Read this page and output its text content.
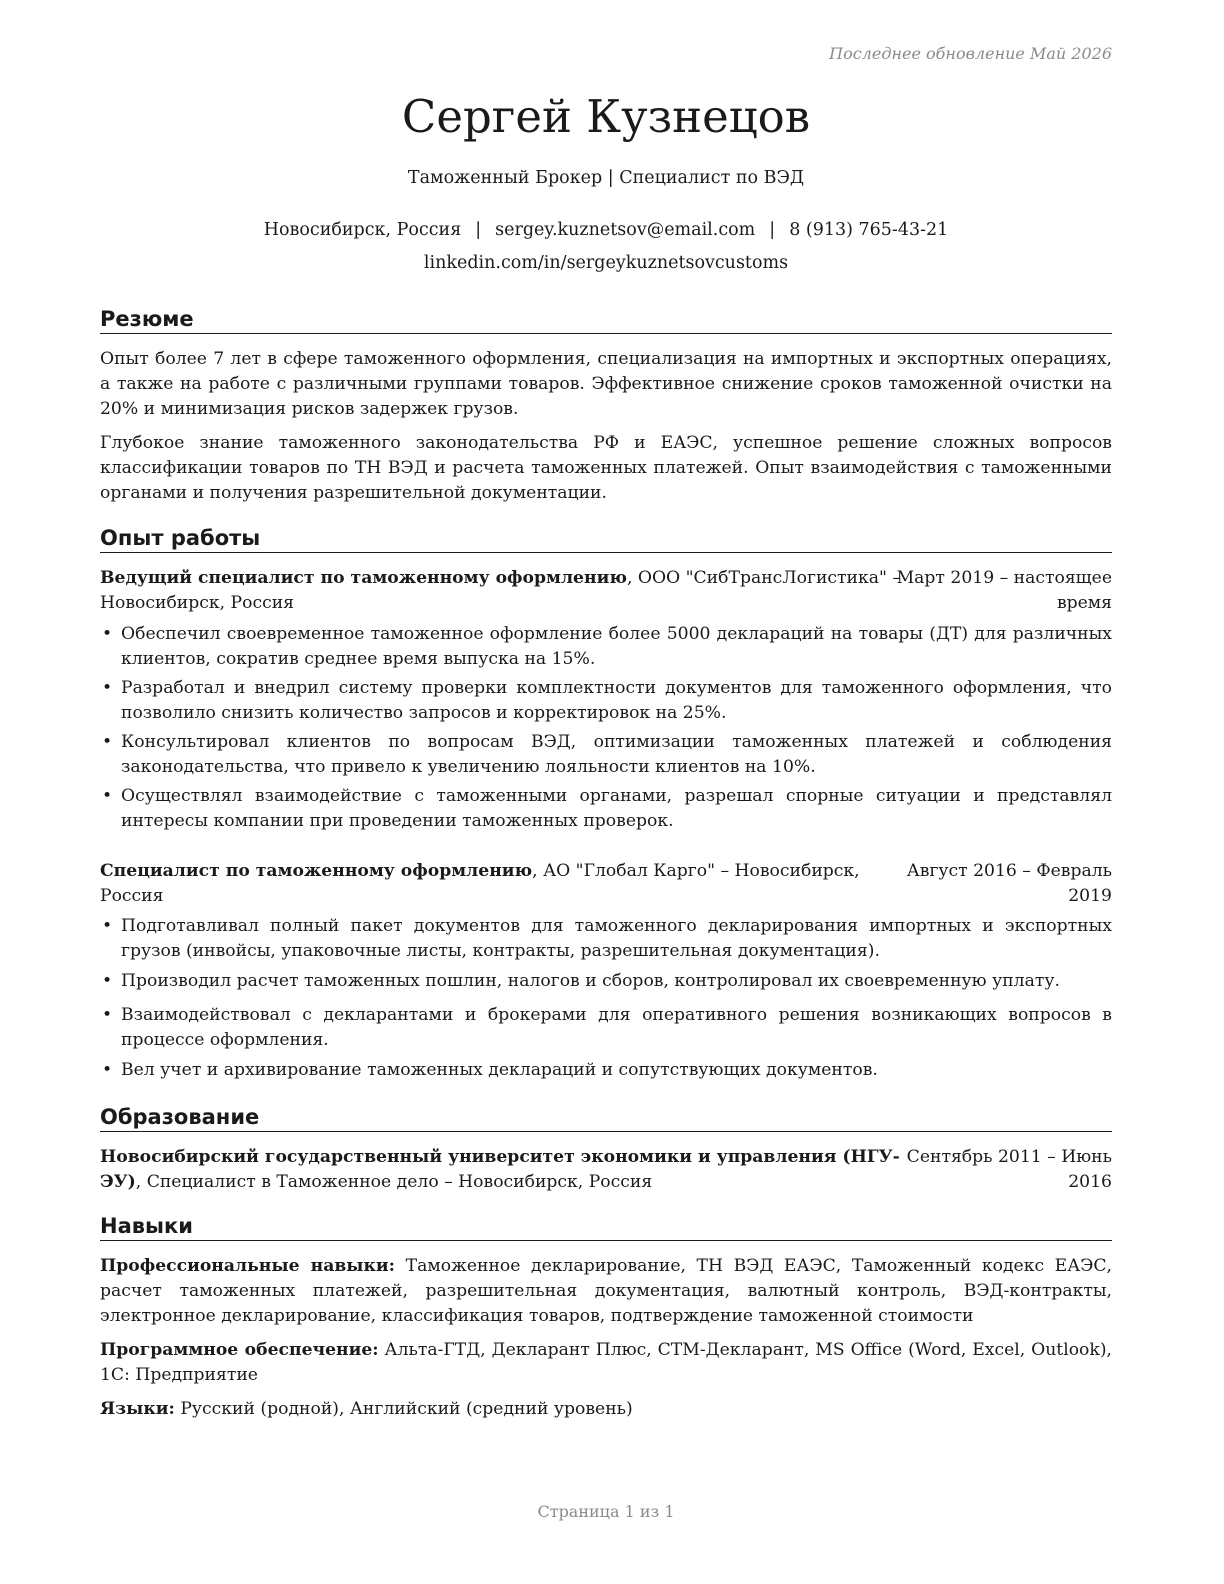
Последнее обновление Май 2026
Сергей Кузнецов
Таможенный Брокер | Специалист по ВЭД
Новосибирск, Россия | sergey.kuznetsov@email.com | 8 (913) 765-43-21
linkedin.com/in/sergeykuznetsovcustoms
Резюме

Опыт более 7 лет в сфере таможенного оформления, специализация на импортных и экспортных операциях, а также на работе с различными группами товаров. Эффективное снижение сроков таможенной очистки на 20% и минимизация рисков задержек грузов.

Глубокое знание таможенного законодательства РФ и ЕАЭС, успешное решение сложных вопросов классификации товаров по ТН ВЭД и расчета таможенных платежей. Опыт взаимодействия с таможенными органами и получения разрешительной документации.

Опыт работы
Ведущий специалист по таможенному оформлению, ООО "СибТрансЛогистика" –
Новосибирск, Россия
Март 2019 – настоящее
время
• Обеспечил своевременное таможенное оформление более 5000 деклараций на товары (ДТ) для различных клиентов, сократив среднее время выпуска на 15%.
• Разработал и внедрил систему проверки комплектности документов для таможенного оформления, что позволило снизить количество запросов и корректировок на 25%.
• Консультировал клиентов по вопросам ВЭД, оптимизации таможенных платежей и соблюдения законодательства, что привело к увеличению лояльности клиентов на 10%.
• Осуществлял взаимодействие с таможенными органами, разрешал спорные ситуации и представлял интересы компании при проведении таможенных проверок.
Специалист по таможенному оформлению, АО "Глобал Карго" – Новосибирск,
Россия
Август 2016 – Февраль
2019
• Подготавливал полный пакет документов для таможенного декларирования импортных и экспортных грузов (инвойсы, упаковочные листы, контракты, разрешительная документация).
• Производил расчет таможенных пошлин, налогов и сборов, контролировал их своевременную уплату.
• Взаимодействовал с декларантами и брокерами для оперативного решения возникающих вопросов в процессе оформления.
• Вел учет и архивирование таможенных деклараций и сопутствующих документов.
Образование
Новосибирский государственный университет экономики и управления (НГУ-
ЭУ), Специалист в Таможенное дело – Новосибирск, Россия
Сентябрь 2011 – Июнь
2016
Навыки

Профессиональные навыки: Таможенное декларирование, ТН ВЭД ЕАЭС, Таможенный кодекс ЕАЭС, расчет таможенных платежей, разрешительная документация, валютный контроль, ВЭД-контракты, электронное декларирование, классификация товаров, подтверждение таможенной стоимости

Программное обеспечение: Альта-ГТД, Декларант Плюс, СТМ-Декларант, MS Office (Word, Excel, Outlook), 1С: Предприятие

Языки: Русский (родной), Английский (средний уровень)

Страница 1 из 1
